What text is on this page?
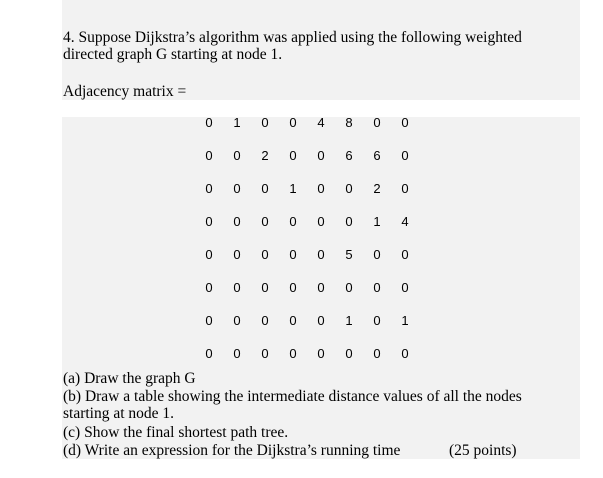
4. Suppose Dijkstra’s algorithm was applied using the following weighted
directed graph G starting at node 1.
Adjacency matrix =
0	1	0	0	4	8	0	0
0	0	2	0	0	6	6	0
0	0	0	1	0	0	2	0
0	0	0	0	0	0	1	4
0	0	0	0	0	5	0	0
0	0	0	0	0	0	0	0
0	0	0	0	0	1	0	1
0	0	0	0	0	0	0	0
(a) Draw the graph G
(b) Draw a table showing the intermediate distance values of all the nodes
starting at node 1.
(c) Show the final shortest path tree.
(d) Write an expression for the Dijkstra’s running time	(25 points)
